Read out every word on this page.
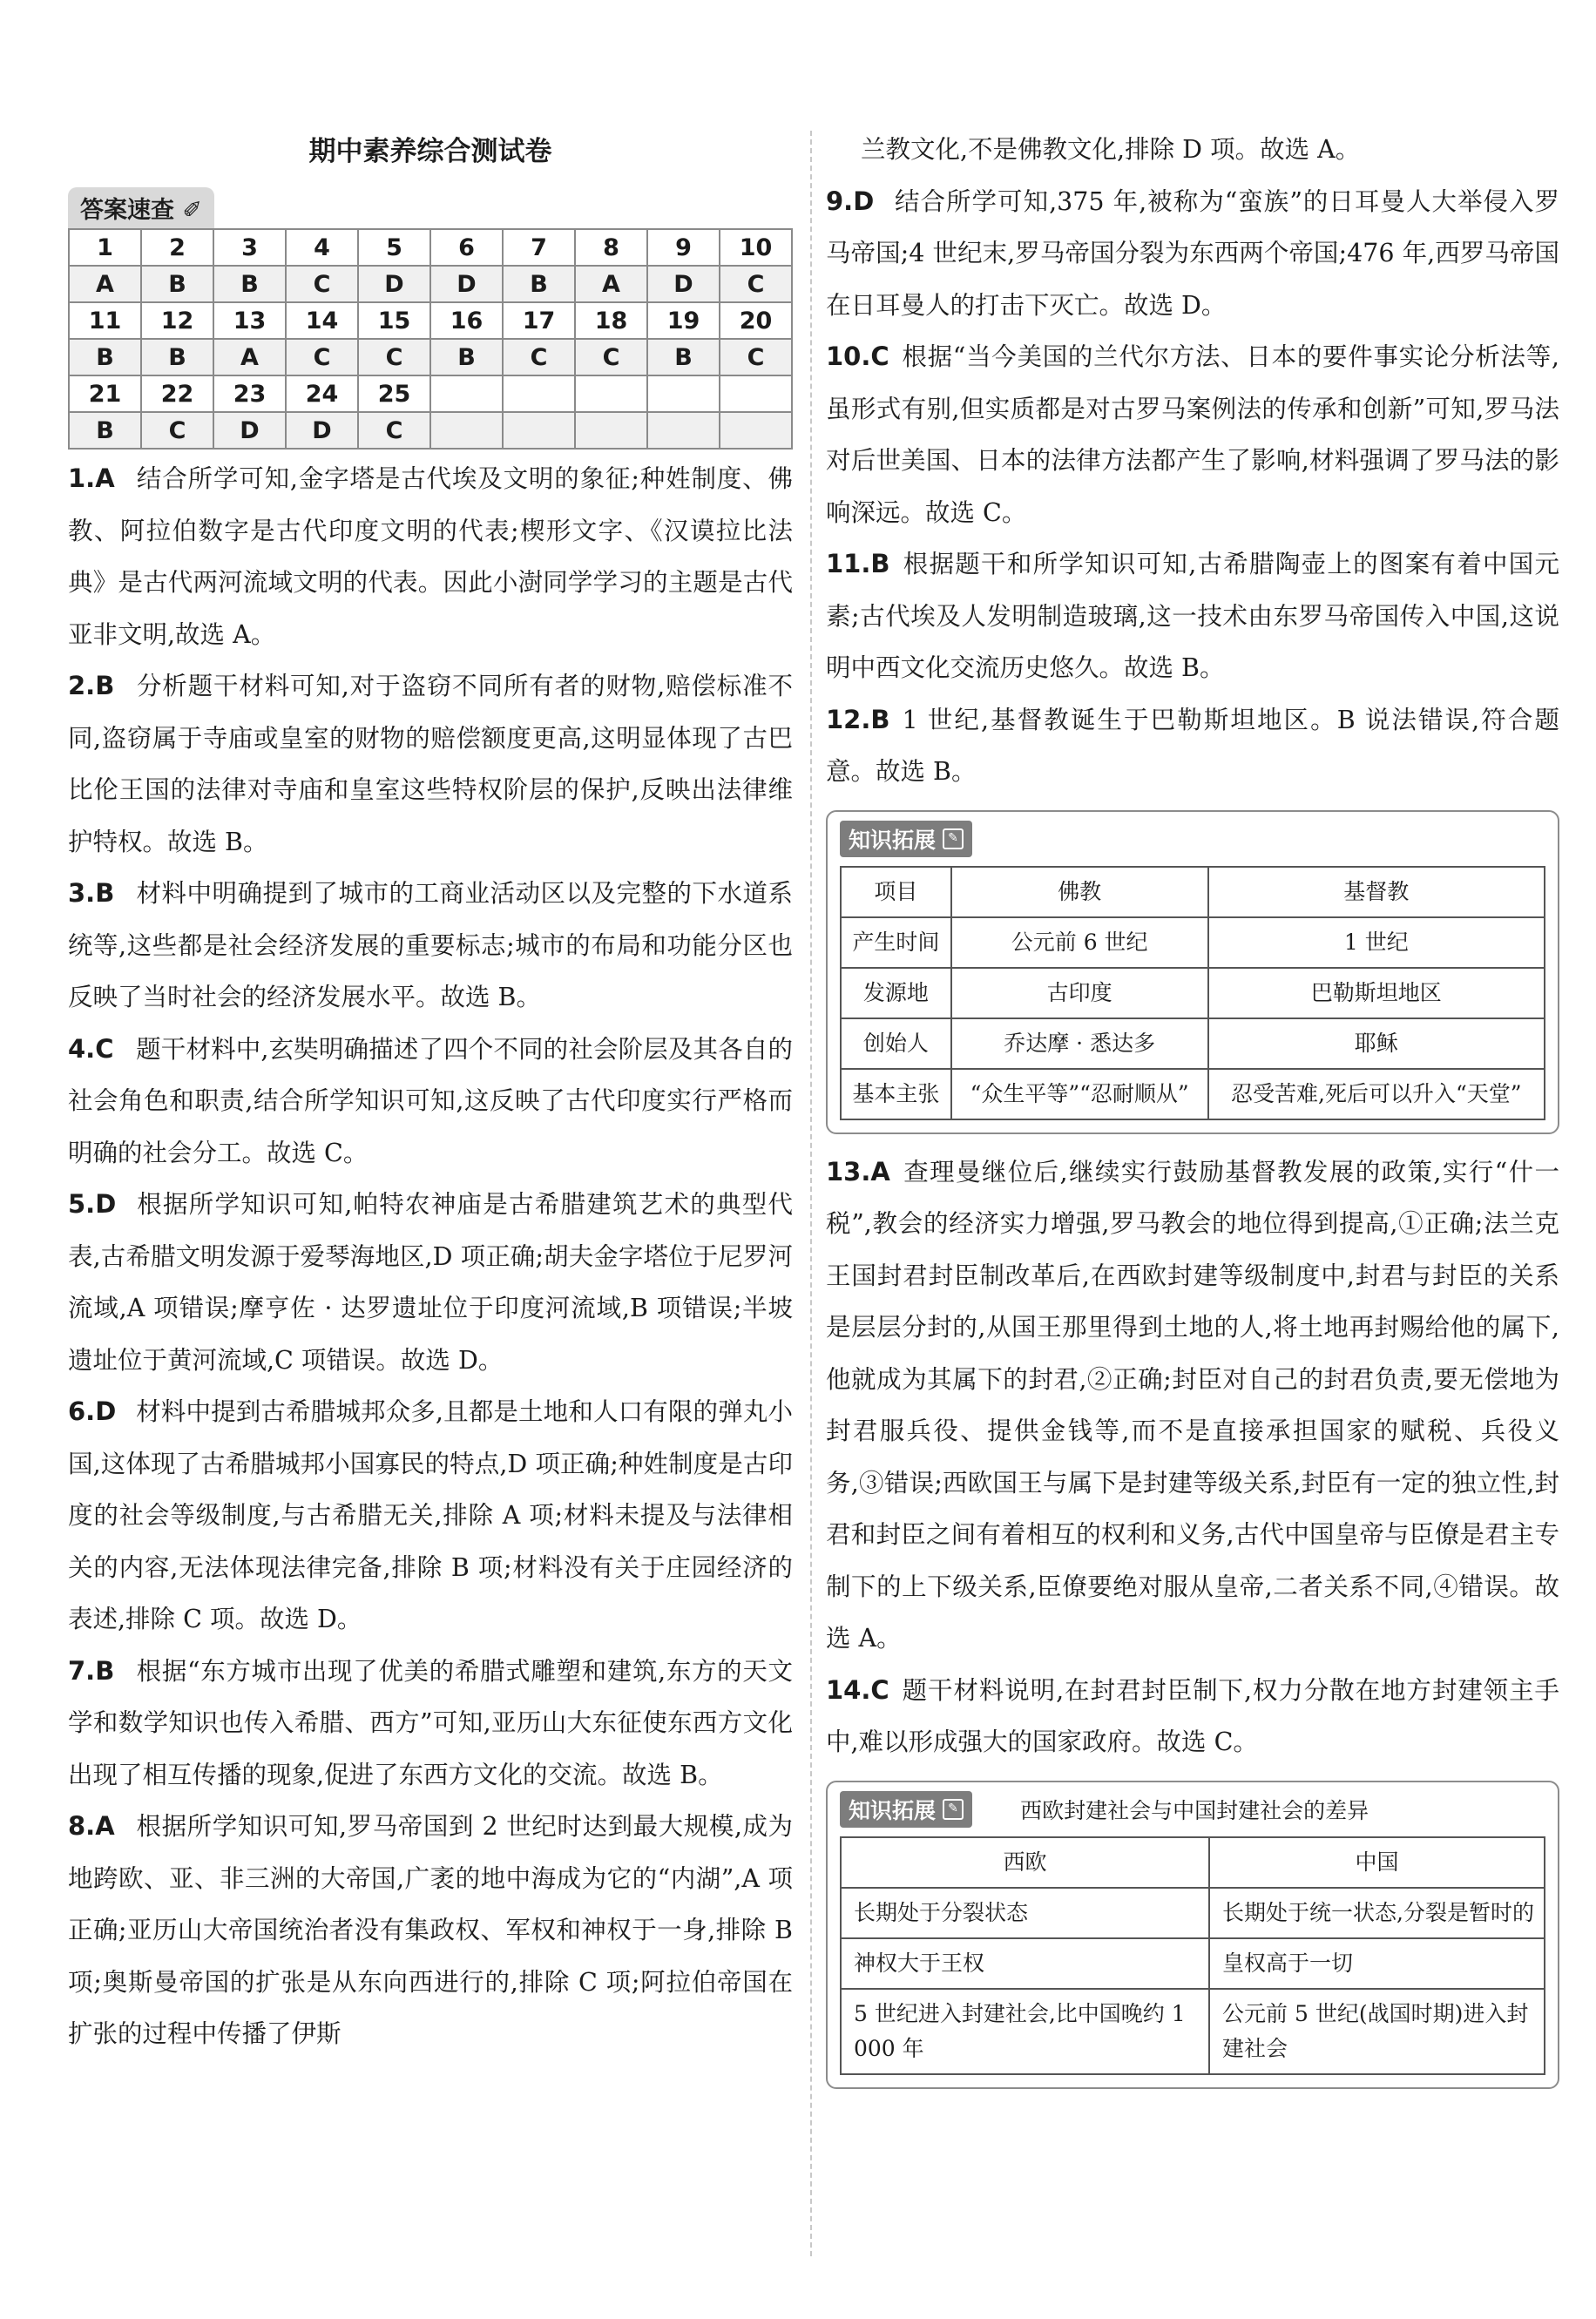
期中素养综合测试卷
答案速查 ✐
1	2	3	4	5	6	7	8	9	10
A	B	B	C	D	D	B	A	D	C
11	12	13	14	15	16	17	18	19	20
B	B	A	C	C	B	C	C	B	C
21	22	23	24	25					
B	C	D	D	C					

1.A 结合所学可知,金字塔是古代埃及文明的象征;种姓制度、佛教、阿拉伯数字是古代印度文明的代表;楔形文字、《汉谟拉比法典》是古代两河流域文明的代表。因此小澍同学学习的主题是古代亚非文明,故选 A。

2.B 分析题干材料可知,对于盗窃不同所有者的财物,赔偿标准不同,盗窃属于寺庙或皇室的财物的赔偿额度更高,这明显体现了古巴比伦王国的法律对寺庙和皇室这些特权阶层的保护,反映出法律维护特权。故选 B。

3.B 材料中明确提到了城市的工商业活动区以及完整的下水道系统等,这些都是社会经济发展的重要标志;城市的布局和功能分区也反映了当时社会的经济发展水平。故选 B。

4.C 题干材料中,玄奘明确描述了四个不同的社会阶层及其各自的社会角色和职责,结合所学知识可知,这反映了古代印度实行严格而明确的社会分工。故选 C。

5.D 根据所学知识可知,帕特农神庙是古希腊建筑艺术的典型代表,古希腊文明发源于爱琴海地区,D 项正确;胡夫金字塔位于尼罗河流域,A 项错误;摩亨佐 · 达罗遗址位于印度河流域,B 项错误;半坡遗址位于黄河流域,C 项错误。故选 D。

6.D 材料中提到古希腊城邦众多,且都是土地和人口有限的弹丸小国,这体现了古希腊城邦小国寡民的特点,D 项正确;种姓制度是古印度的社会等级制度,与古希腊无关,排除 A 项;材料未提及与法律相关的内容,无法体现法律完备,排除 B 项;材料没有关于庄园经济的表述,排除 C 项。故选 D。

7.B 根据“东方城市出现了优美的希腊式雕塑和建筑,东方的天文学和数学知识也传入希腊、西方”可知,亚历山大东征使东西方文化出现了相互传播的现象,促进了东西方文化的交流。故选 B。

8.A 根据所学知识可知,罗马帝国到 2 世纪时达到最大规模,成为地跨欧、亚、非三洲的大帝国,广袤的地中海成为它的“内湖”,A 项正确;亚历山大帝国统治者没有集政权、军权和神权于一身,排除 B 项;奥斯曼帝国的扩张是从东向西进行的,排除 C 项;阿拉伯帝国在扩张的过程中传播了伊斯

兰教文化,不是佛教文化,排除 D 项。故选 A。

9.D 结合所学可知,375 年,被称为“蛮族”的日耳曼人大举侵入罗马帝国;4 世纪末,罗马帝国分裂为东西两个帝国;476 年,西罗马帝国在日耳曼人的打击下灭亡。故选 D。

10.C 根据“当今美国的兰代尔方法、日本的要件事实论分析法等,虽形式有别,但实质都是对古罗马案例法的传承和创新”可知,罗马法对后世美国、日本的法律方法都产生了影响,材料强调了罗马法的影响深远。故选 C。

11.B 根据题干和所学知识可知,古希腊陶壶上的图案有着中国元素;古代埃及人发明制造玻璃,这一技术由东罗马帝国传入中国,这说明中西文化交流历史悠久。故选 B。

12.B 1 世纪,基督教诞生于巴勒斯坦地区。B 说法错误,符合题意。故选 B。

知识拓展	✎
项目	佛教	基督教
产生时间	公元前 6 世纪	1 世纪
发源地	古印度	巴勒斯坦地区
创始人	乔达摩 · 悉达多	耶稣
基本主张	“众生平等”“忍耐顺从”	忍受苦难,死后可以升入“天堂”

13.A 查理曼继位后,继续实行鼓励基督教发展的政策,实行“什一税”,教会的经济实力增强,罗马教会的地位得到提高,①正确;法兰克王国封君封臣制改革后,在西欧封建等级制度中,封君与封臣的关系是层层分封的,从国王那里得到土地的人,将土地再封赐给他的属下,他就成为其属下的封君,②正确;封臣对自己的封君负责,要无偿地为封君服兵役、提供金钱等,而不是直接承担国家的赋税、兵役义务,③错误;西欧国王与属下是封建等级关系,封臣有一定的独立性,封君和封臣之间有着相互的权利和义务,古代中国皇帝与臣僚是君主专制下的上下级关系,臣僚要绝对服从皇帝,二者关系不同,④错误。故选 A。

14.C 题干材料说明,在封君封臣制下,权力分散在地方封建领主手中,难以形成强大的国家政府。故选 C。

知识拓展	✎	西欧封建社会与中国封建社会的差异
西欧	中国
长期处于分裂状态	长期处于统一状态,分裂是暂时的
神权大于王权	皇权高于一切
5 世纪进入封建社会,比中国晚约 1 000 年	公元前 5 世纪(战国时期)进入封建社会
